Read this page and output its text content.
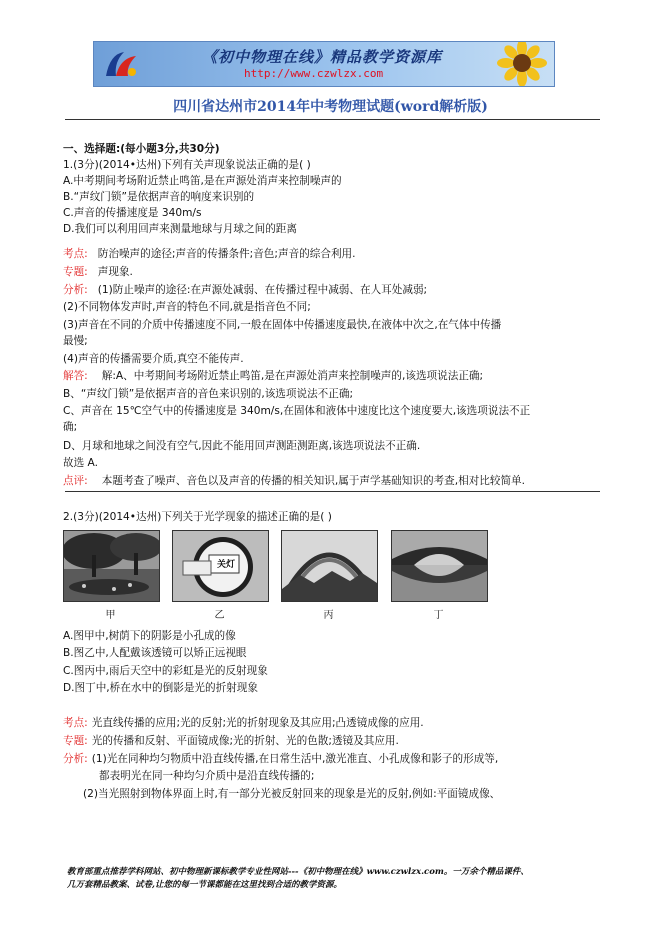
《初中物理在线》精品教学资源库
http://www.czwlzx.com
四川省达州市2014年中考物理试题(word解析版)
一、选择题:(每小题3分,共30分)
1.(3分)(2014•达州)下列有关声现象说法正确的是( )
A.中考期间考场附近禁止鸣笛,是在声源处消声来控制噪声的
B.“声纹门锁”是依据声音的响度来识别的
C.声音的传播速度是 340m/s
D.我们可以利用回声来测量地球与月球之间的距离
考点: 防治噪声的途径;声音的传播条件;音色;声音的综合利用.
专题: 声现象.
分析: (1)防止噪声的途径:在声源处减弱、在传播过程中减弱、在人耳处减弱;
(2)不同物体发声时,声音的特色不同,就是指音色不同;
(3)声音在不同的介质中传播速度不同,一般在固体中传播速度最快,在液体中次之,在气体中传播
最慢;
(4)声音的传播需要介质,真空不能传声.
解答: 解:A、中考期间考场附近禁止鸣笛,是在声源处消声来控制噪声的,该选项说法正确;
B、“声纹门锁”是依据声音的音色来识别的,该选项说法不正确;
C、声音在 15℃空气中的传播速度是 340m/s,在固体和液体中速度比这个速度要大,该选项说法不正
确;
D、月球和地球之间没有空气,因此不能用回声测距测距离,该选项说法不正确.
故选 A.
点评: 本题考查了噪声、音色以及声音的传播的相关知识,属于声学基础知识的考查,相对比较简单.
2.(3分)(2014•达州)下列关于光学现象的描述正确的是( )
关灯
甲	乙	丙	丁
A.图甲中,树荫下的阴影是小孔成的像
B.图乙中,人配戴该透镜可以矫正远视眼
C.图丙中,雨后天空中的彩虹是光的反射现象
D.图丁中,桥在水中的倒影是光的折射现象
考点: 光直线传播的应用;光的反射;光的折射现象及其应用;凸透镜成像的应用.
专题: 光的传播和反射、平面镜成像;光的折射、光的色散;透镜及其应用.
分析: (1)光在同种均匀物质中沿直线传播,在日常生活中,激光准直、小孔成像和影子的形成等,
都表明光在同一种均匀介质中是沿直线传播的;
(2)当光照射到物体界面上时,有一部分光被反射回来的现象是光的反射,例如:平面镜成像、
教育部重点推荐学科网站、初中物理新课标教学专业性网站---《初中物理在线》www.czwlzx.com。一万余个精品课件、
几万套精品教案、试卷,让您的每一节课都能在这里找到合适的教学资源。
